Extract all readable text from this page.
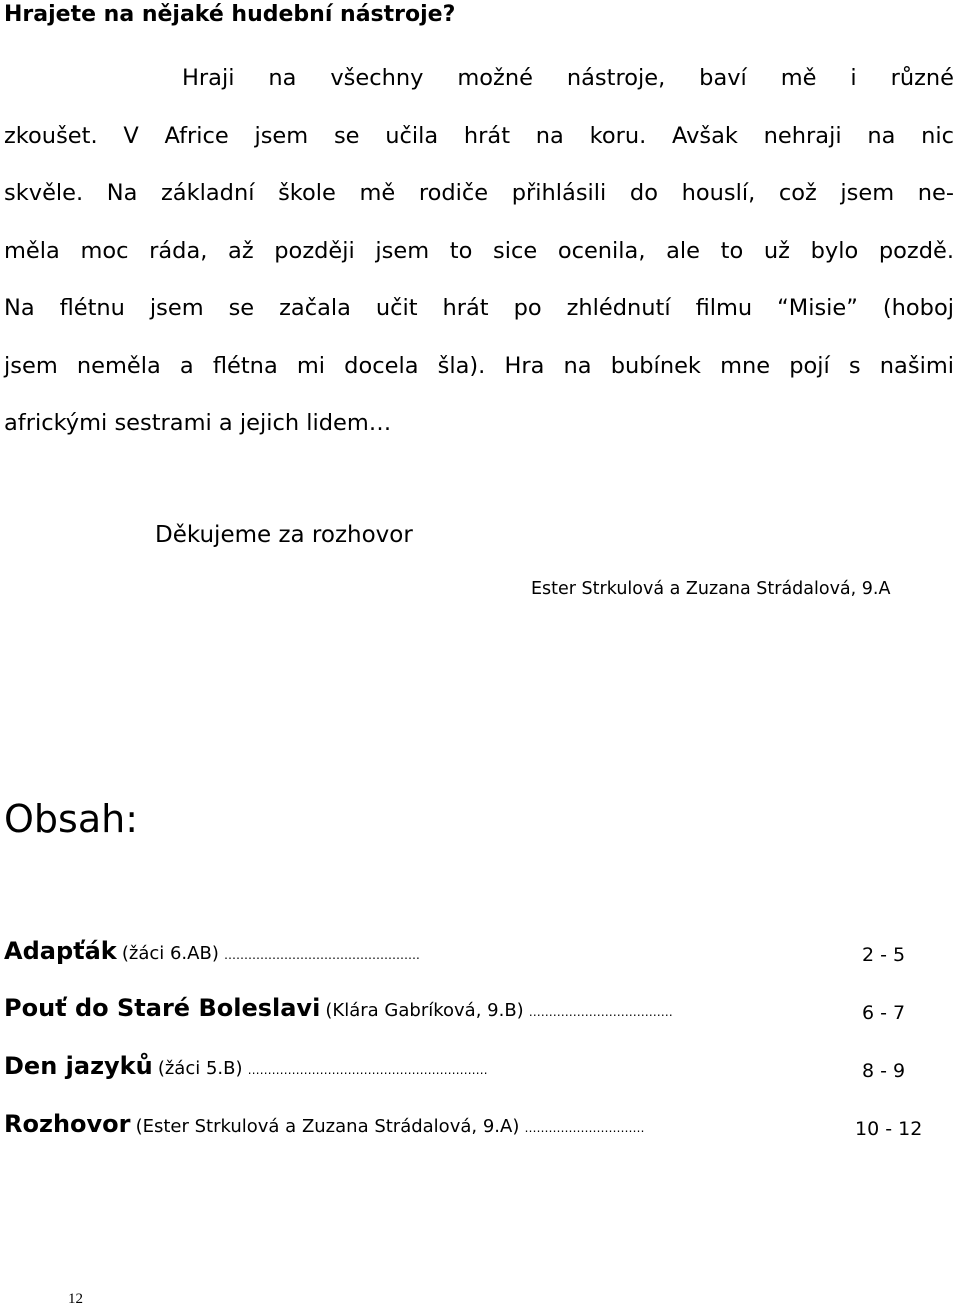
Hrajete na nějaké hudební nástroje?
Hraji na všechny možné nástroje, baví mě i různé
zkoušet. V Africe jsem se učila hrát na koru. Avšak nehraji na nic
skvěle. Na základní škole mě rodiče přihlásili do houslí, což jsem ne-
měla moc ráda, až později jsem to sice ocenila, ale to už bylo pozdě.
Na flétnu jsem se začala učit hrát po zhlédnutí filmu “Misie” (hoboj
jsem neměla a flétna mi docela šla). Hra na bubínek mne pojí s našimi
africkými sestrami a jejich lidem…
Děkujeme za rozhovor
Ester Strkulová a Zuzana Strádalová, 9.A
Obsah:
Adapťák (žáci 6.AB) ………………………………………….	2 - 5
Pouť do Staré Boleslavi (Klára Gabríková, 9.B) ………………………………	6 - 7
Den jazyků (žáci 5.B) ……………………………………………………	8 - 9
Rozhovor (Ester Strkulová a Zuzana Strádalová, 9.A) …………………………	10 - 12
12
